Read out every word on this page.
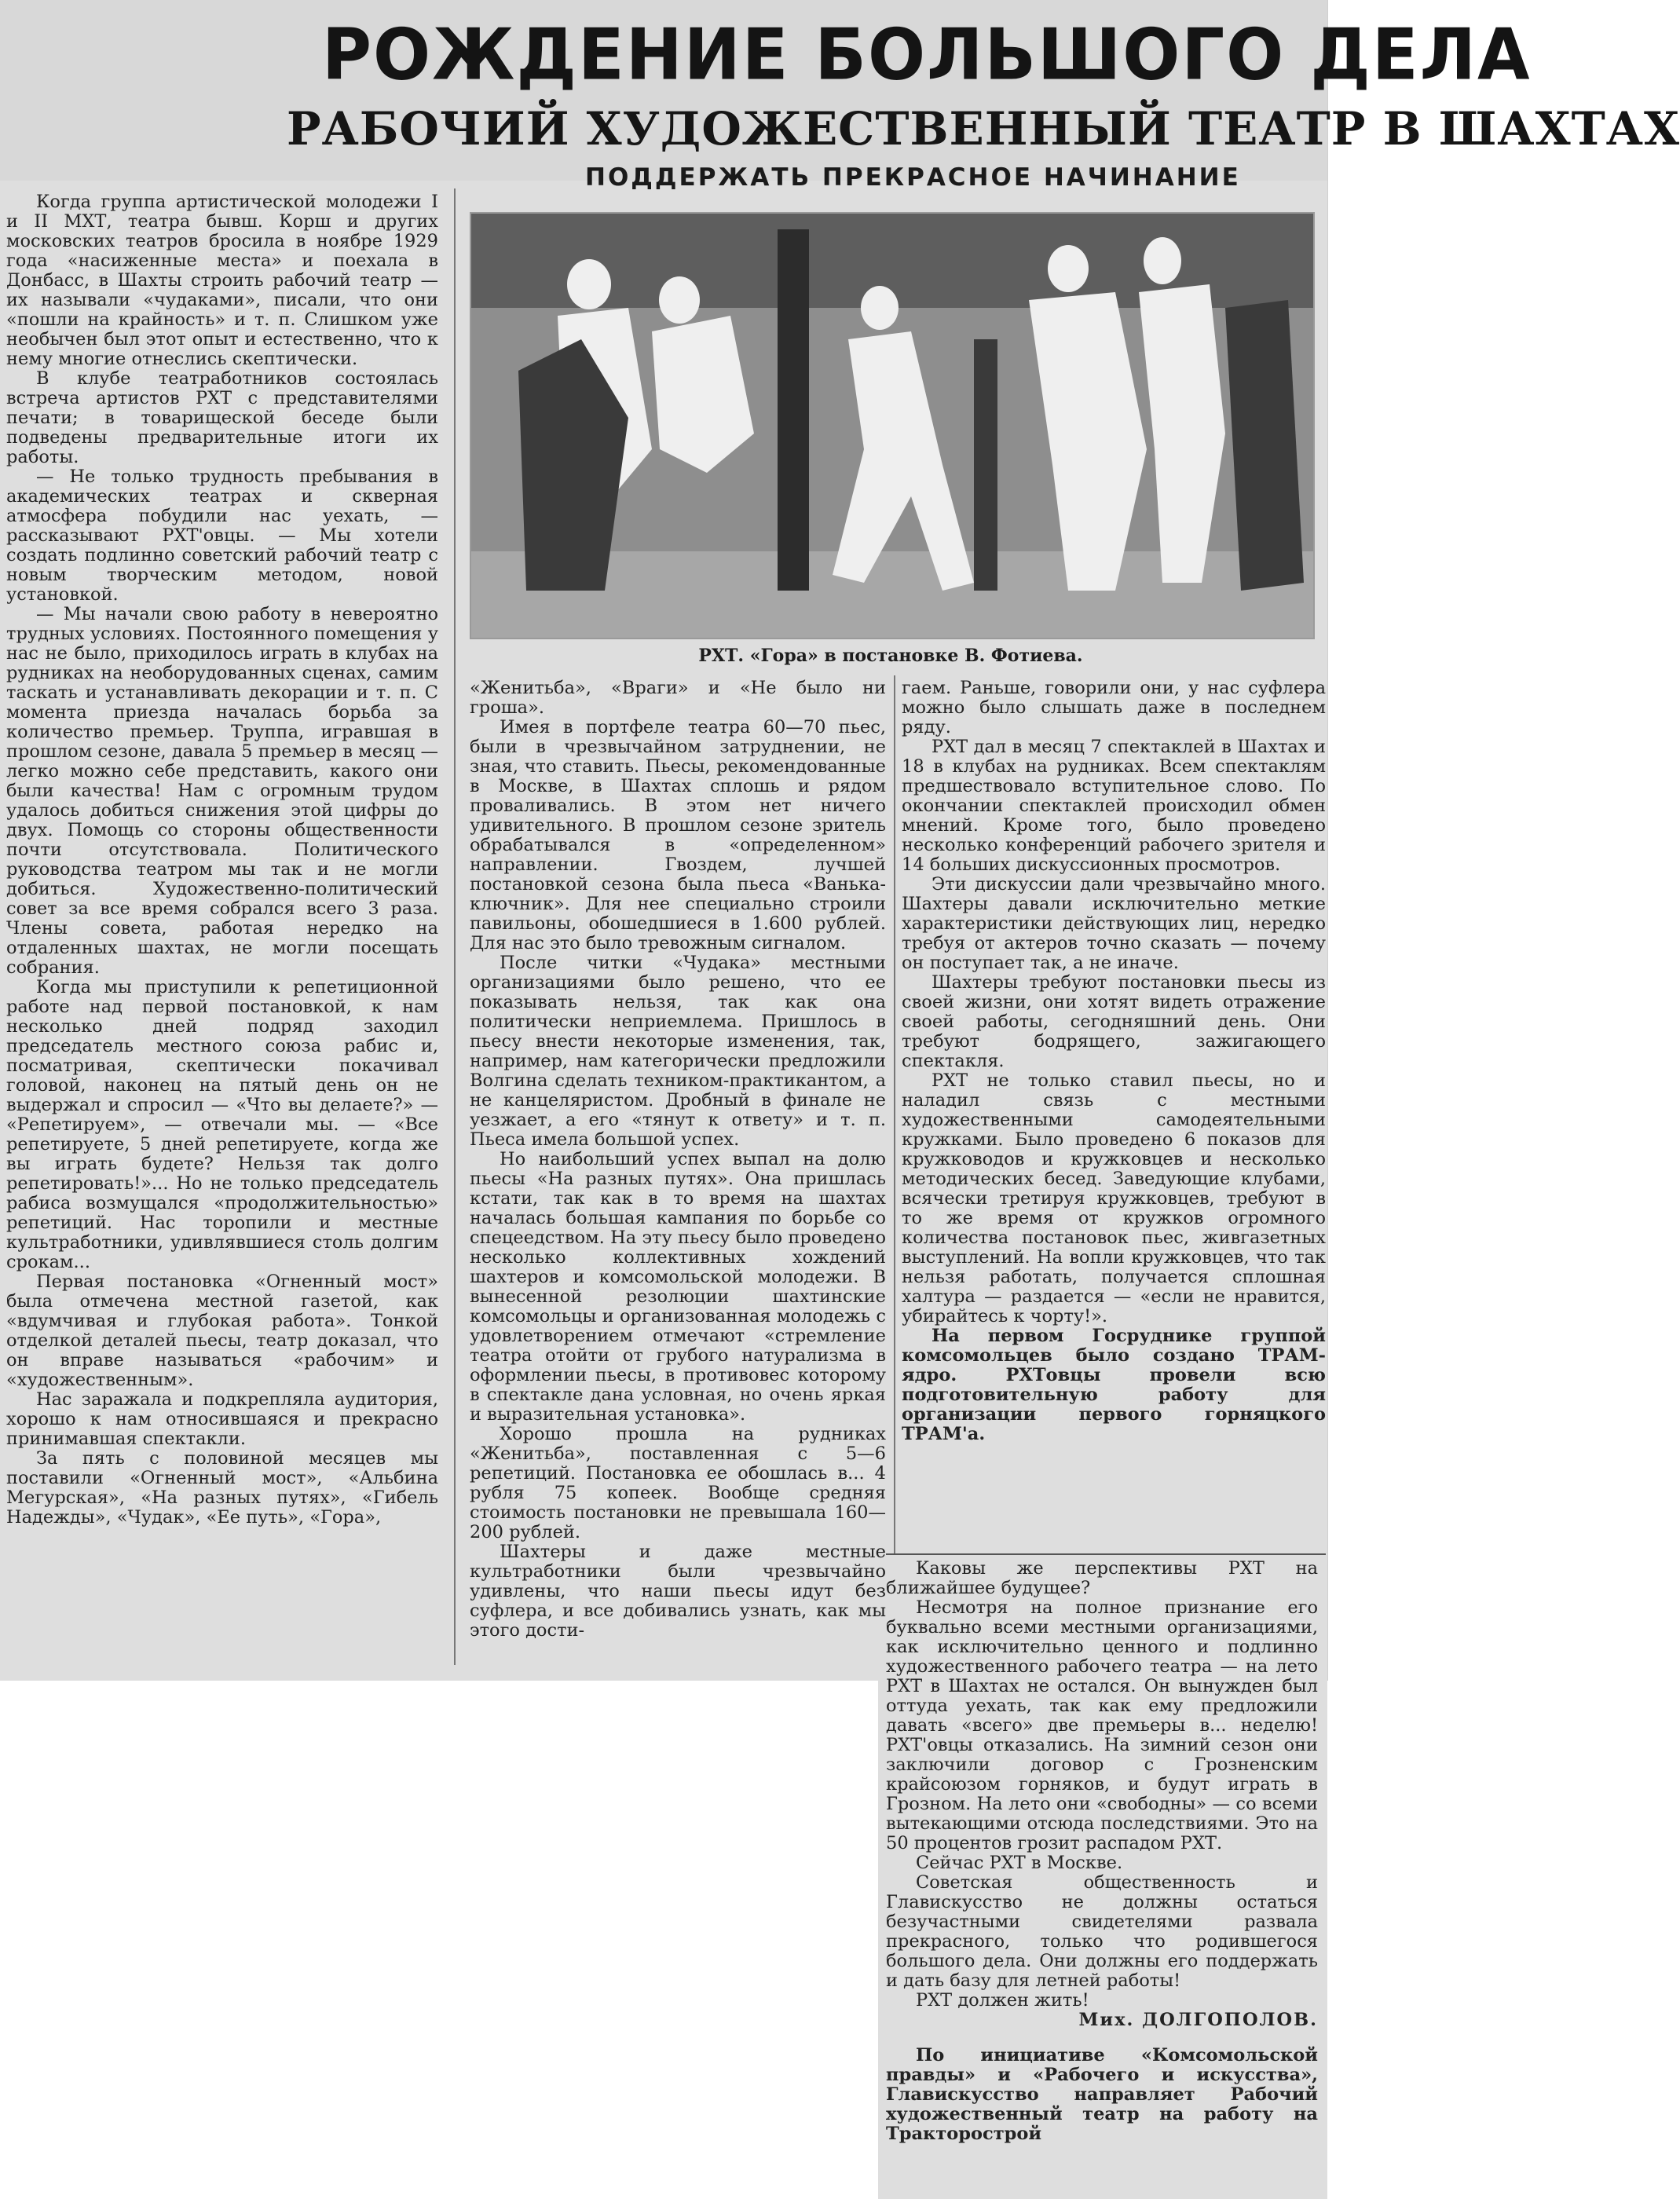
РОЖДЕНИЕ БОЛЬШОГО ДЕЛА
РАБОЧИЙ ХУДОЖЕСТВЕННЫЙ ТЕАТР В ШАХТАХ
ПОДДЕРЖАТЬ ПРЕКРАСНОЕ НАЧИНАНИЕ
РХТ. «Гора» в постановке В. Фотиева.

Когда группа артистической молодежи I и II МХТ, театра бывш. Корш и других московских театров бросила в ноябре 1929 года «насиженные места» и поехала в Донбасс, в Шахты строить рабочий театр — их называли «чудаками», писали, что они «пошли на крайность» и т. п. Слишком уже необычен был этот опыт и естественно, что к нему многие отнеслись скептически.

В клубе театработников состоялась встреча артистов РХТ с представителями печати; в товарищеской беседе были подведены предварительные итоги их работы.

— Не только трудность пребывания в академических театрах и скверная атмосфера побудили нас уехать, — рассказывают РХТ'овцы. — Мы хотели создать подлинно советский рабочий театр с новым творческим методом, новой установкой.

— Мы начали свою работу в невероятно трудных условиях. Постоянного помещения у нас не было, приходилось играть в клубах на рудниках на необорудованных сценах, самим таскать и устанавливать декорации и т. п. С момента приезда началась борьба за количество премьер. Труппа, игравшая в прошлом сезоне, давала 5 премьер в месяц — легко можно себе представить, какого они были качества! Нам с огромным трудом удалось добиться снижения этой цифры до двух. Помощь со стороны общественности почти отсутствовала. Политического руководства театром мы так и не могли добиться. Художественно-политический совет за все время собрался всего 3 раза. Члены совета, работая нередко на отдаленных шахтах, не могли посещать собрания.

Когда мы приступили к репетиционной работе над первой постановкой, к нам несколько дней подряд заходил председатель местного союза рабис и, посматривая, скептически покачивал головой, наконец на пятый день он не выдержал и спросил — «Что вы делаете?» — «Репетируем», — отвечали мы. — «Все репетируете, 5 дней репетируете, когда же вы играть будете? Нельзя так долго репетировать!»... Но не только председатель рабиса возмущался «продолжительностью» репетиций. Нас торопили и местные культработники, удивлявшиеся столь долгим срокам...

Первая постановка «Огненный мост» была отмечена местной газетой, как «вдумчивая и глубокая работа». Тонкой отделкой деталей пьесы, театр доказал, что он вправе называться «рабочим» и «художественным».

Нас заражала и подкрепляла аудитория, хорошо к нам относившаяся и прекрасно принимавшая спектакли.

За пять с половиной месяцев мы поставили «Огненный мост», «Альбина Мегурская», «На разных путях», «Гибель Надежды», «Чудак», «Ее путь», «Гора»,

«Женитьба», «Враги» и «Не было ни гроша».

Имея в портфеле театра 60—70 пьес, были в чрезвычайном затруднении, не зная, что ставить. Пьесы, рекомендованные в Москве, в Шахтах сплошь и рядом проваливались. В этом нет ничего удивительного. В прошлом сезоне зритель обрабатывался в «определенном» направлении. Гвоздем, лучшей постановкой сезона была пьеса «Ванька-ключник». Для нее специально строили павильоны, обошедшиеся в 1.600 рублей. Для нас это было тревожным сигналом.

После читки «Чудака» местными организациями было решено, что ее показывать нельзя, так как она политически неприемлема. Пришлось в пьесу внести некоторые изменения, так, например, нам категорически предложили Волгина сделать техником-практикантом, а не канцеляристом. Дробный в финале не уезжает, а его «тянут к ответу» и т. п. Пьеса имела большой успех.

Но наибольший успех выпал на долю пьесы «На разных путях». Она пришлась кстати, так как в то время на шахтах началась большая кампания по борьбе со спецеедством. На эту пьесу было проведено несколько коллективных хождений шахтеров и комсомольской молодежи. В вынесенной резолюции шахтинские комсомольцы и организованная молодежь с удовлетворением отмечают «стремление театра отойти от грубого натурализма в оформлении пьесы, в противовес которому в спектакле дана условная, но очень яркая и выразительная установка».

Хорошо прошла на рудниках «Женитьба», поставленная с 5—6 репетиций. Постановка ее обошлась в... 4 рубля 75 копеек. Вообще средняя стоимость постановки не превышала 160—200 рублей.

Шахтеры и даже местные культработники были чрезвычайно удивлены, что наши пьесы идут без суфлера, и все добивались узнать, как мы этого дости-

гаем. Раньше, говорили они, у нас суфлера можно было слышать даже в последнем ряду.

РХТ дал в месяц 7 спектаклей в Шахтах и 18 в клубах на рудниках. Всем спектаклям предшествовало вступительное слово. По окончании спектаклей происходил обмен мнений. Кроме того, было проведено несколько конференций рабочего зрителя и 14 больших дискуссионных просмотров.

Эти дискуссии дали чрезвычайно много. Шахтеры давали исключительно меткие характеристики действующих лиц, нередко требуя от актеров точно сказать — почему он поступает так, а не иначе.

Шахтеры требуют постановки пьесы из своей жизни, они хотят видеть отражение своей работы, сегодняшний день. Они требуют бодрящего, зажигающего спектакля.

РХТ не только ставил пьесы, но и наладил связь с местными художественными самодеятельными кружками. Было проведено 6 показов для кружководов и кружковцев и несколько методических бесед. Заведующие клубами, всячески третируя кружковцев, требуют в то же время от кружков огромного количества постановок пьес, живгазетных выступлений. На вопли кружковцев, что так нельзя работать, получается сплошная халтура — раздается — «если не нравится, убирайтесь к чорту!».

На первом Госруднике группой комсомольцев было создано ТРАМ-ядро. РХТовцы провели всю подготовительную работу для организации первого горняцкого ТРАМ'а.

Каковы же перспективы РХТ на ближайшее будущее?

Несмотря на полное признание его буквально всеми местными организациями, как исключительно ценного и подлинно художественного рабочего театра — на лето РХТ в Шахтах не остался. Он вынужден был оттуда уехать, так как ему предложили давать «всего» две премьеры в... неделю! РХТ'овцы отказались. На зимний сезон они заключили договор с Грозненским крайсоюзом горняков, и будут играть в Грозном. На лето они «свободны» — со всеми вытекающими отсюда последствиями. Это на 50 процентов грозит распадом РХТ.

Сейчас РХТ в Москве.

Советская общественность и Главискусство не должны остаться безучастными свидетелями развала прекрасного, только что родившегося большого дела. Они должны его поддержать и дать базу для летней работы!

РХТ должен жить!

Мих. ДОЛГОПОЛОВ.

По инициативе «Комсомольской правды» и «Рабочего и искусства», Главискусство направляет Рабочий художественный театр на работу на Тракторострой
